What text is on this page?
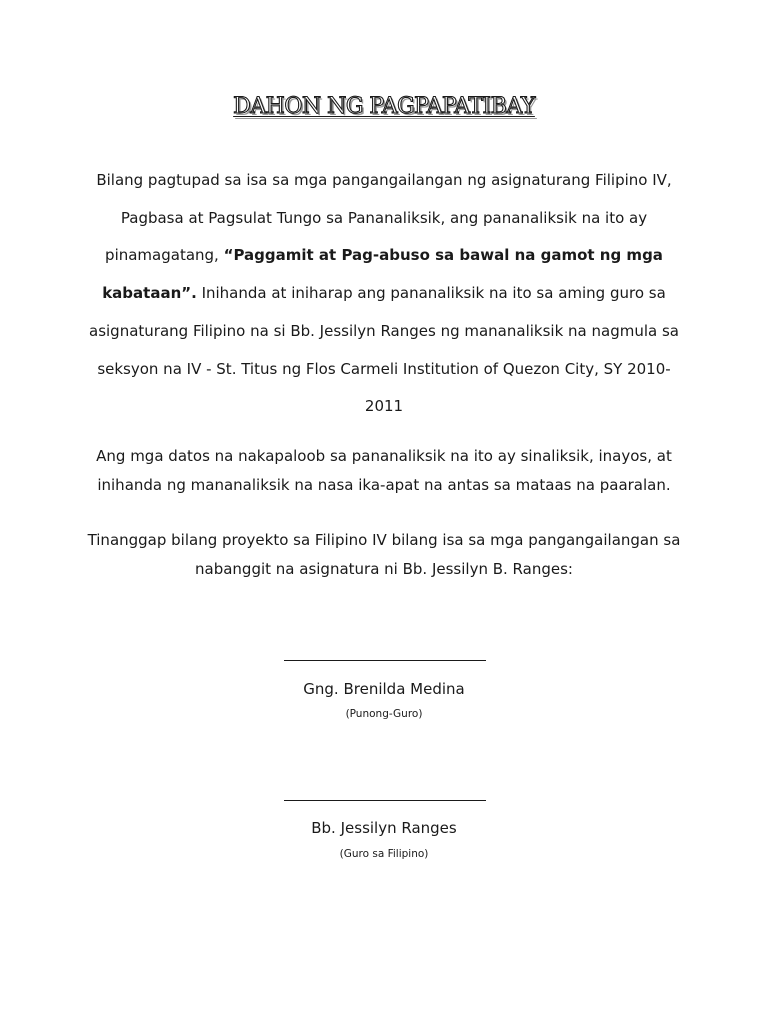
DAHON NG PAGPAPATIBAY

Bilang pagtupad sa isa sa mga pangangailangan ng asignaturang Filipino IV, Pagbasa at Pagsulat Tungo sa Pananaliksik, ang pananaliksik na ito ay pinamagatang, “Paggamit at Pag-abuso sa bawal na gamot ng mga kabataan”. Inihanda at iniharap ang pananaliksik na ito sa aming guro sa asignaturang Filipino na si Bb. Jessilyn Ranges ng mananaliksik na nagmula sa seksyon na IV - St. Titus ng Flos Carmeli Institution of Quezon City, SY 2010-2011

Ang mga datos na nakapaloob sa pananaliksik na ito ay sinaliksik, inayos, at inihanda ng mananaliksik na nasa ika-apat na antas sa mataas na paaralan.

Tinanggap bilang proyekto sa Filipino IV bilang isa sa mga pangangailangan sa nabanggit na asignatura ni Bb. Jessilyn B. Ranges:

Gng. Brenilda Medina
(Punong-Guro)
Bb. Jessilyn Ranges
(Guro sa Filipino)
